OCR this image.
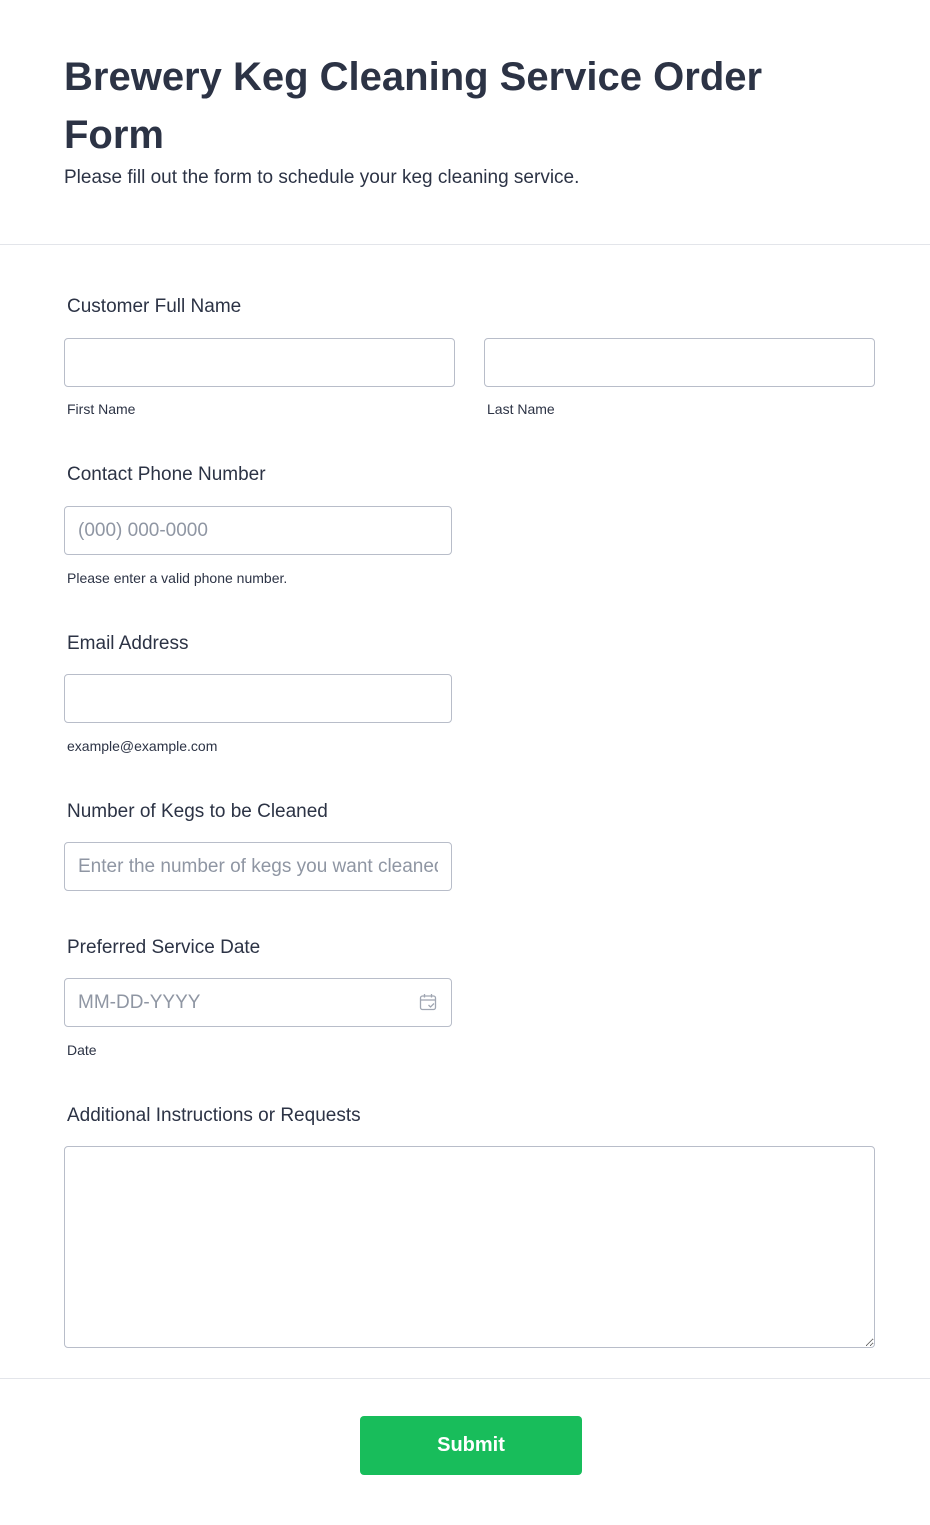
Brewery Keg Cleaning Service Order Form
Please fill out the form to schedule your keg cleaning service.
Customer Full Name
First Name	Last Name
Contact Phone Number
(000) 000-0000
Please enter a valid phone number.
Email Address
example@example.com
Number of Kegs to be Cleaned
Enter the number of kegs you want cleaned
Preferred Service Date
MM-DD-YYYY
Date
Additional Instructions or Requests
Submit
